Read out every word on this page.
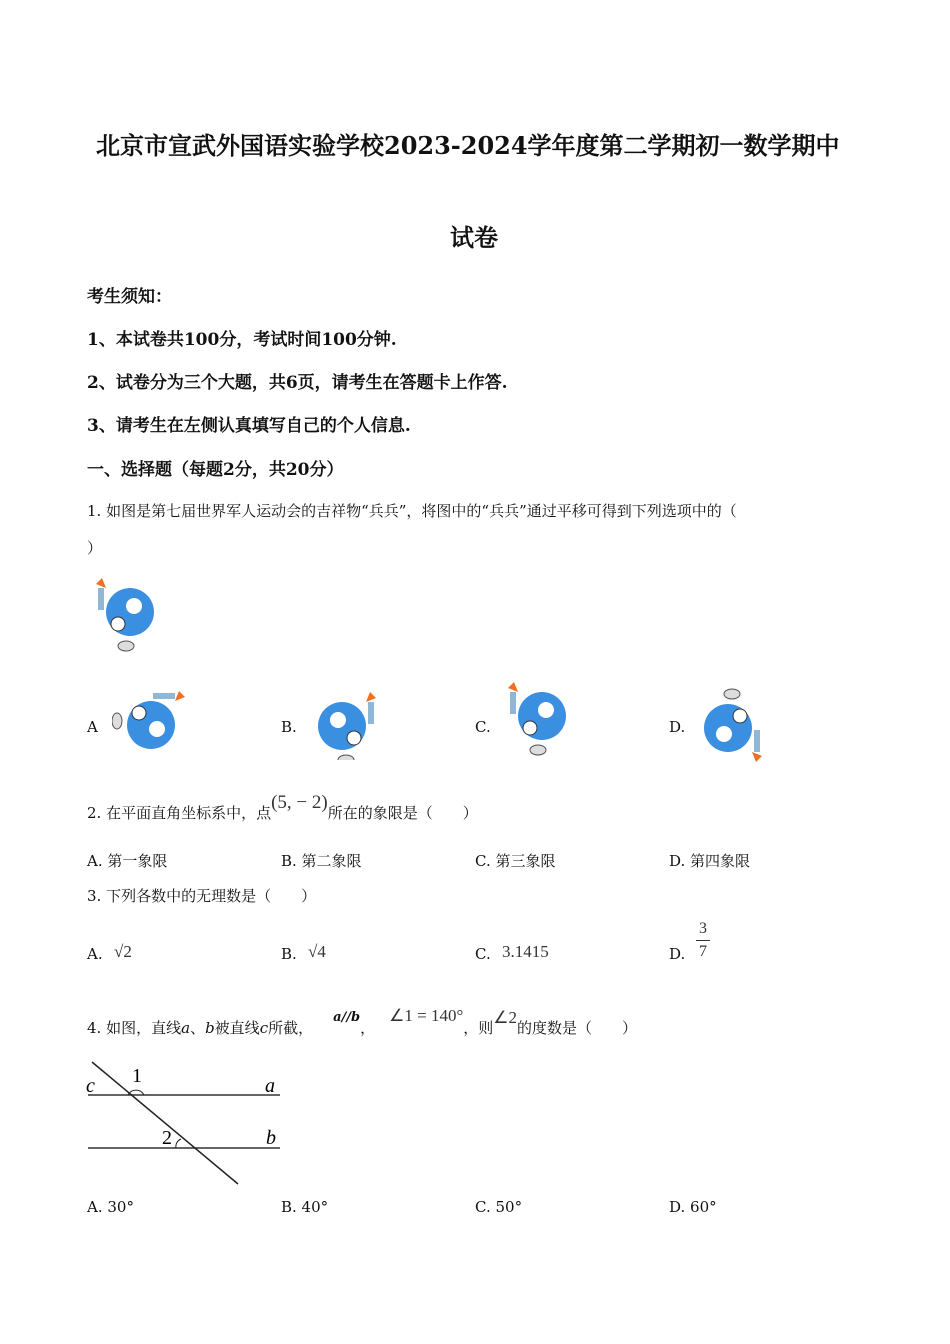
北京市宣武外国语实验学校2023-2024学年度第二学期初一数学期中
试卷
考生须知：
1、本试卷共100分，考试时间100分钟.
2、试卷分为三个大题，共6页，请考生在答题卡上作答.
3、请考生在左侧认真填写自己的个人信息.
一、选择题（每题2分，共20分）
1. 如图是第七届世界军人运动会的吉祥物“兵兵”，将图中的“兵兵”通过平移可得到下列选项中的（
）
A	B.	C.	D.
2. 在平面直角坐标系中，点(5, − 2)所在的象限是（　　）
A. 第一象限	B. 第二象限	C. 第三象限	D. 第四象限
3. 下列各数中的无理数是（　　）
A. √2	B. √4	C. 3.1415	D. $\frac{3}{7}$
4. 如图，直线a、b被直线c所截，a//b，∠1 = 140°，则∠2的度数是（　　）
c 1	a
2	b
A. 30°	B. 40°	C. 50°	D. 60°
